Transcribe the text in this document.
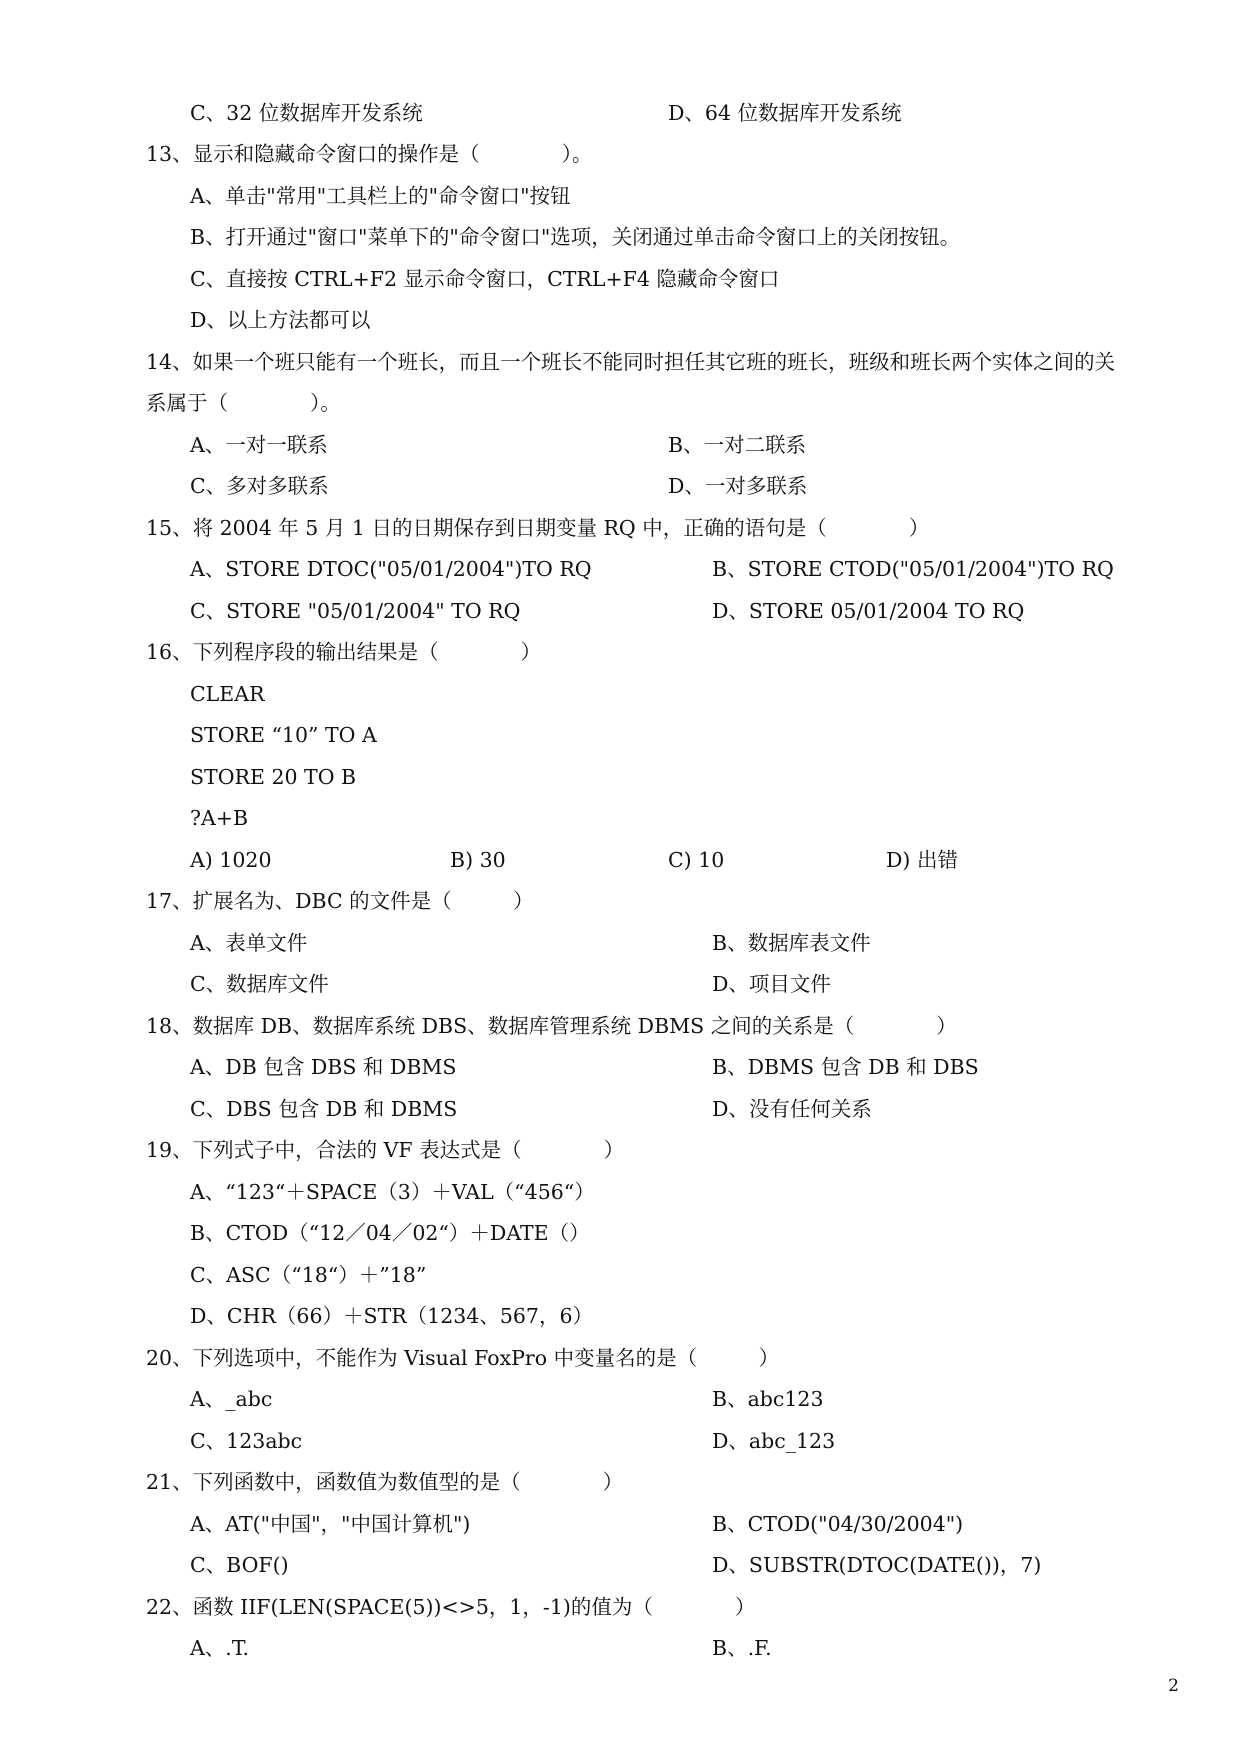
C、32 位数据库开发系统	D、64 位数据库开发系统
13、显示和隐藏命令窗口的操作是（　　　　）。
A、单击"常用"工具栏上的"命令窗口"按钮
B、打开通过"窗口"菜单下的"命令窗口"选项，关闭通过单击命令窗口上的关闭按钮。
C、直接按 CTRL+F2 显示命令窗口，CTRL+F4 隐藏命令窗口
D、以上方法都可以
14、如果一个班只能有一个班长，而且一个班长不能同时担任其它班的班长，班级和班长两个实体之间的关
系属于（　　　　）。
A、一对一联系	B、一对二联系
C、多对多联系	D、一对多联系
15、将 2004 年 5 月 1 日的日期保存到日期变量 RQ 中，正确的语句是（　　　　）
A、STORE DTOC("05/01/2004")TO RQ	B、STORE CTOD("05/01/2004")TO RQ
C、STORE "05/01/2004" TO RQ	D、STORE 05/01/2004 TO RQ
16、下列程序段的输出结果是（　　　　）
CLEAR
STORE “10” TO A
STORE 20 TO B
?A+B
A) 1020	B) 30	C) 10	D) 出错
17、扩展名为、DBC 的文件是（　　　）
A、表单文件	B、数据库表文件
C、数据库文件	D、项目文件
18、数据库 DB、数据库系统 DBS、数据库管理系统 DBMS 之间的关系是（　　　　）
A、DB 包含 DBS 和 DBMS	B、DBMS 包含 DB 和 DBS
C、DBS 包含 DB 和 DBMS	D、没有任何关系
19、下列式子中，合法的 VF 表达式是（　　　　）
A、“123“＋SPACE（3）＋VAL（“456“）
B、CTOD（“12／04／02“）＋DATE（）
C、ASC（“18“）＋”18”
D、CHR（66）＋STR（1234、567，6）
20、下列选项中，不能作为 Visual FoxPro 中变量名的是（　　　）
A、_abc	B、abc123
C、123abc	D、abc_123
21、下列函数中，函数值为数值型的是（　　　　）
A、AT("中国"，"中国计算机")	B、CTOD("04/30/2004")
C、BOF()	D、SUBSTR(DTOC(DATE())，7)
22、函数 IIF(LEN(SPACE(5))<>5，1，-1)的值为（　　　　）
A、.T.	B、.F.
2
